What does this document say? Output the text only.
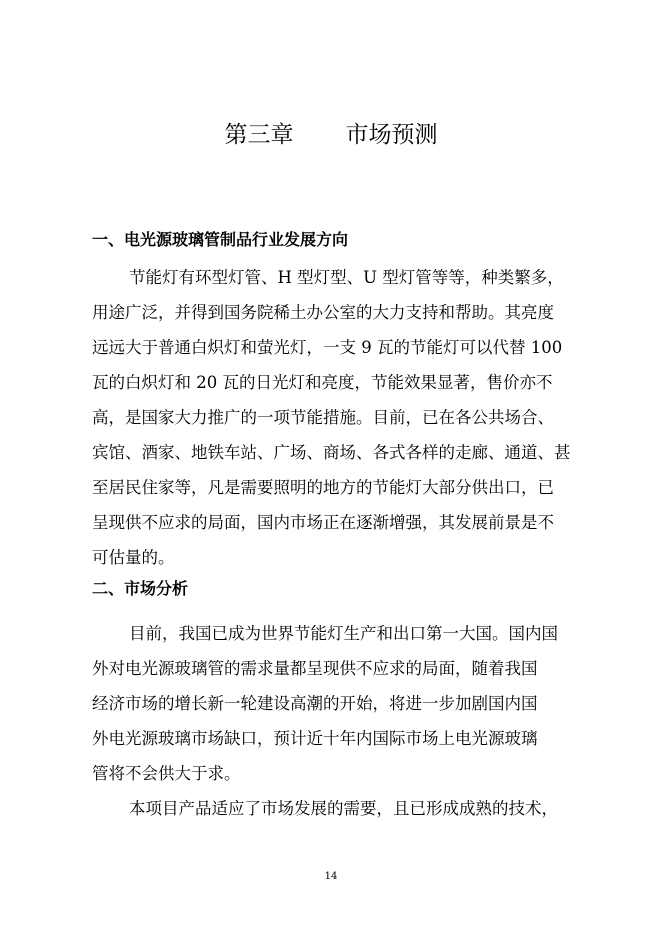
第三章 市场预测
一、电光源玻璃管制品行业发展方向
节能灯有环型灯管、H 型灯型、U 型灯管等等，种类繁多，
用途广泛，并得到国务院稀土办公室的大力支持和帮助。其亮度
远远大于普通白炽灯和萤光灯，一支 9 瓦的节能灯可以代替 100
瓦的白炽灯和 20 瓦的日光灯和亮度，节能效果显著，售价亦不
高，是国家大力推广的一项节能措施。目前，已在各公共场合、
宾馆、酒家、地铁车站、广场、商场、各式各样的走廊、通道、甚
至居民住家等，凡是需要照明的地方的节能灯大部分供出口，已
呈现供不应求的局面，国内市场正在逐渐增强，其发展前景是不
可估量的。
二、市场分析
目前，我国已成为世界节能灯生产和出口第一大国。国内国
外对电光源玻璃管的需求量都呈现供不应求的局面，随着我国
经济市场的增长新一轮建设高潮的开始，将进一步加剧国内国
外电光源玻璃市场缺口，预计近十年内国际市场上电光源玻璃
管将不会供大于求。
本项目产品适应了市场发展的需要，且已形成成熟的技术，
14
